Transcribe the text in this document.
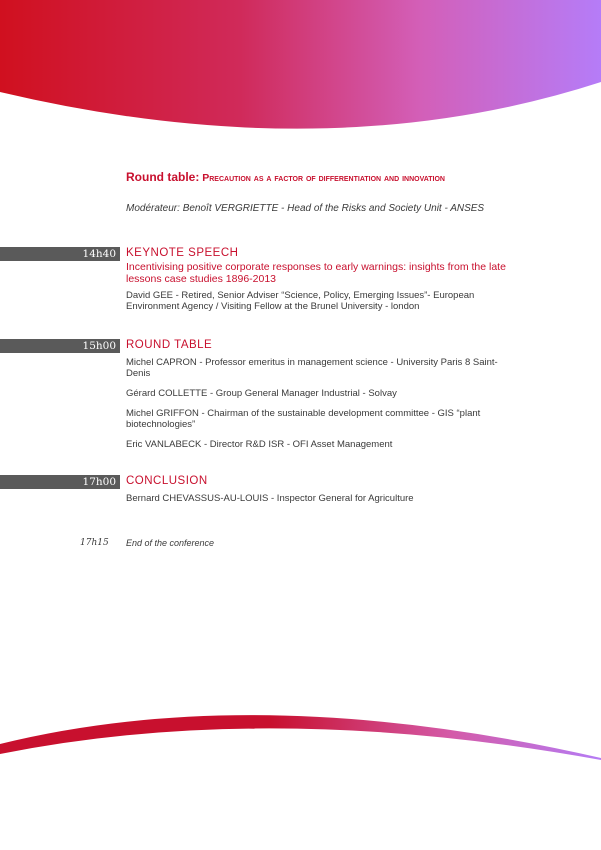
Round table: Precaution as a factor of differentiation and innovation
Modérateur: Benoît VERGRIETTE - Head of the Risks and Society Unit - ANSES
14h40 KEYNOTE SPEECH
Incentivising positive corporate responses to early warnings: insights from the late lessons case studies 1896-2013
David GEE - Retired, Senior Adviser “Science, Policy, Emerging Issues”- European Environment Agency / Visiting Fellow at the Brunel University - london
15h00 ROUND TABLE
Michel CAPRON - Professor emeritus in management science - University Paris 8 Saint-Denis
Gérard COLLETTE - Group General Manager Industrial - Solvay
Michel GRIFFON - Chairman of the sustainable development committee - GIS “plant biotechnologies”
Eric VANLABECK - Director R&D ISR - OFI Asset Management
17h00 CONCLUSION
Bernard CHEVASSUS-AU-LOUIS - Inspector General for Agriculture
17h15 End of the conference
